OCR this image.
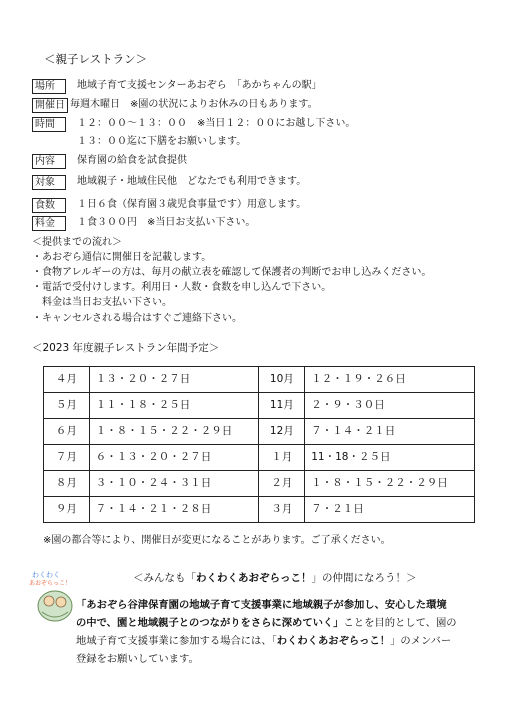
＜親子レストラン＞
場所	地域子育て支援センターあおぞら　「あかちゃんの駅」
開催日 毎週木曜日　※園の状況によりお休みの日もあります。
時間	１２：００～１３：００　※当日１２：００にお越し下さい。
１３：００迄に下膳をお願いします。
内容	保育園の給食を試食提供
対象	地域親子・地域住民他　どなたでも利用できます。
食数	１日６食（保育園３歳児食事量です）用意します。
料金	１食３００円　※当日お支払い下さい。
＜提供までの流れ＞
・あおぞら通信に開催日を記載します。
・食物アレルギーの方は、毎月の献立表を確認して保護者の判断でお申し込みください。
・電話で受付けします。利用日・人数・食数を申し込んで下さい。
　料金は当日お支払い下さい。
・キャンセルされる場合はすぐご連絡下さい。
＜2023 年度親子レストラン年間予定＞
４月	１３・２０・２７日	10月	１２・１９・２６日
５月	１１・１８・２５日	11月	２・９・３０日
６月	１・８・１５・２２・２９日	12月	７・１４・２１日
７月	６・１３・２０・２７日	１月	11・18・２５日
８月	３・１０・２４・３１日	２月	１・８・１５・２２・２９日
９月	７・１４・２１・２８日	３月	７・２１日
※園の都合等により、開催日が変更になることがあります。ご了承ください。
わくわく
あおぞらっこ！	＜みんなも「わくわくあおぞらっこ！」の仲間になろう！＞

「あおぞら谷津保育園の地域子育て支援事業に地域親子が参加し、安心した環境

の中で、園と地域親子とのつながりをさらに深めていく」ことを目的として、園の

地域子育て支援事業に参加する場合には、「わくわくあおぞらっこ！」のメンバー

登録をお願いしています。
